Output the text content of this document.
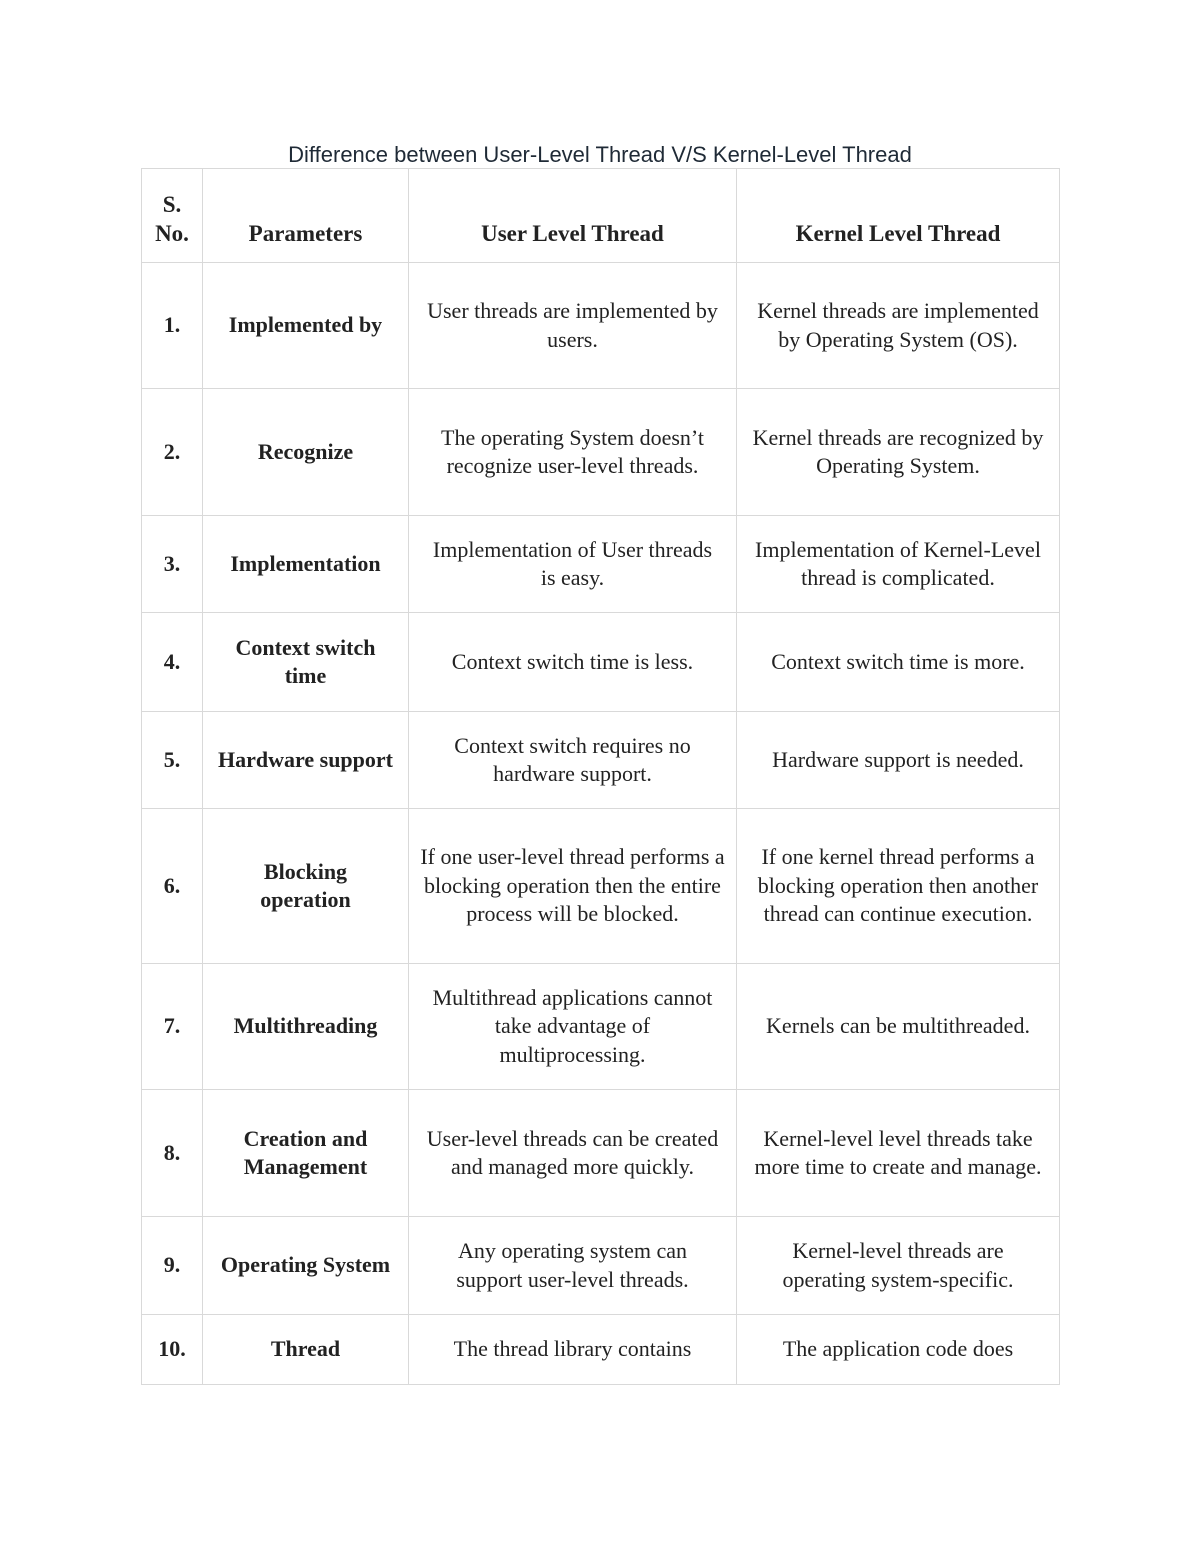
Difference between User-Level Thread V/S Kernel-Level Thread
S. No.	Parameters	User Level Thread	Kernel Level Thread
1.	Implemented by	User threads are implemented by users.	Kernel threads are implemented by Operating System (OS).
2.	Recognize	The operating System doesn’t recognize user-level threads.	Kernel threads are recognized by Operating System.
3.	Implementation	Implementation of User threads is easy.	Implementation of Kernel-Level thread is complicated.
4.	Context switch time	Context switch time is less.	Context switch time is more.
5.	Hardware support	Context switch requires no hardware support.	Hardware support is needed.
6.	Blocking operation	If one user-level thread performs a blocking operation then the entire process will be blocked.	If one kernel thread performs a blocking operation then another thread can continue execution.
7.	Multithreading	Multithread applications cannot take advantage of multiprocessing.	Kernels can be multithreaded.
8.	Creation and Management	User-level threads can be created and managed more quickly.	Kernel-level level threads take more time to create and manage.
9.	Operating System	Any operating system can support user-level threads.	Kernel-level threads are operating system-specific.
10.	Thread	The thread library contains	The application code does
